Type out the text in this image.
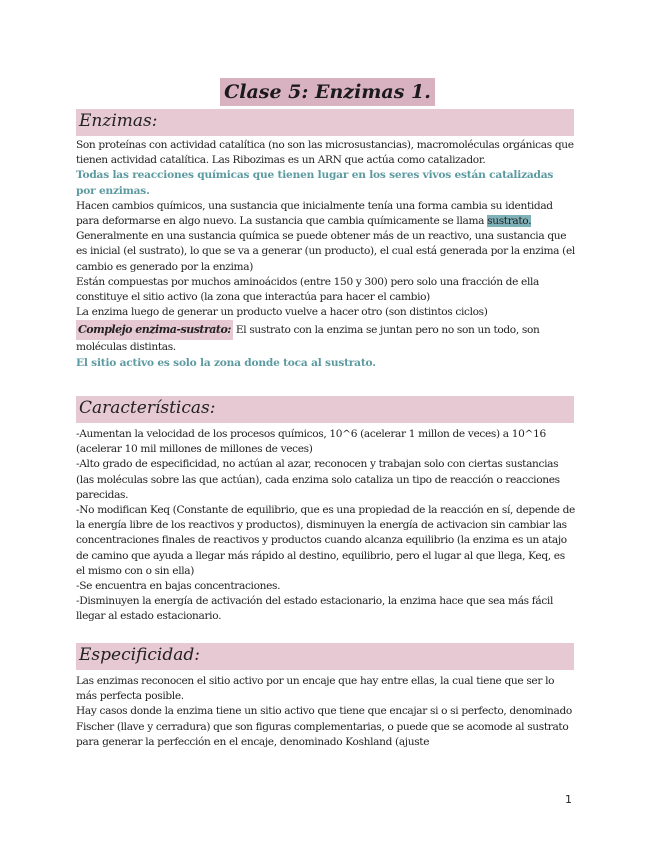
Clase 5: Enzimas 1.
Enzimas:

Son proteínas con actividad catalítica (no son las microsustancias), macromoléculas orgánicas que tienen actividad catalítica. Las Ribozimas es un ARN que actúa como catalizador.

Todas las reacciones químicas que tienen lugar en los seres vivos están catalizadas por enzimas.

Hacen cambios químicos, una sustancia que inicialmente tenía una forma cambia su identidad para deformarse en algo nuevo. La sustancia que cambia químicamente se llama sustrato.

Generalmente en una sustancia química se puede obtener más de un reactivo, una sustancia que es inicial (el sustrato), lo que se va a generar (un producto), el cual está generada por la enzima (el cambio es generado por la enzima)

Están compuestas por muchos aminoácidos (entre 150 y 300) pero solo una fracción de ella constituye el sitio activo (la zona que interactúa para hacer el cambio)

La enzima luego de generar un producto vuelve a hacer otro (son distintos ciclos)

Complejo enzima-sustrato: El sustrato con la enzima se juntan pero no son un todo, son moléculas distintas.

El sitio activo es solo la zona donde toca al sustrato.

Características:

-Aumentan la velocidad de los procesos químicos, 10^6 (acelerar 1 millon de veces) a 10^16 (acelerar 10 mil millones de millones de veces)

-Alto grado de especificidad, no actúan al azar, reconocen y trabajan solo con ciertas sustancias (las moléculas sobre las que actúan), cada enzima solo cataliza un tipo de reacción o reacciones parecidas.

-No modifican Keq (Constante de equilibrio, que es una propiedad de la reacción en sí, depende de la energía libre de los reactivos y productos), disminuyen la energía de activacion sin cambiar las concentraciones finales de reactivos y productos cuando alcanza equilibrio (la enzima es un atajo de camino que ayuda a llegar más rápido al destino, equilibrio, pero el lugar al que llega, Keq, es el mismo con o sin ella)

-Se encuentra en bajas concentraciones.

-Disminuyen la energía de activación del estado estacionario, la enzima hace que sea más fácil llegar al estado estacionario.

Especificidad:

Las enzimas reconocen el sitio activo por un encaje que hay entre ellas, la cual tiene que ser lo más perfecta posible.

Hay casos donde la enzima tiene un sitio activo que tiene que encajar si o si perfecto, denominado Fischer (llave y cerradura) que son figuras complementarias, o puede que se acomode al sustrato para generar la perfección en el encaje, denominado Koshland (ajuste

1
